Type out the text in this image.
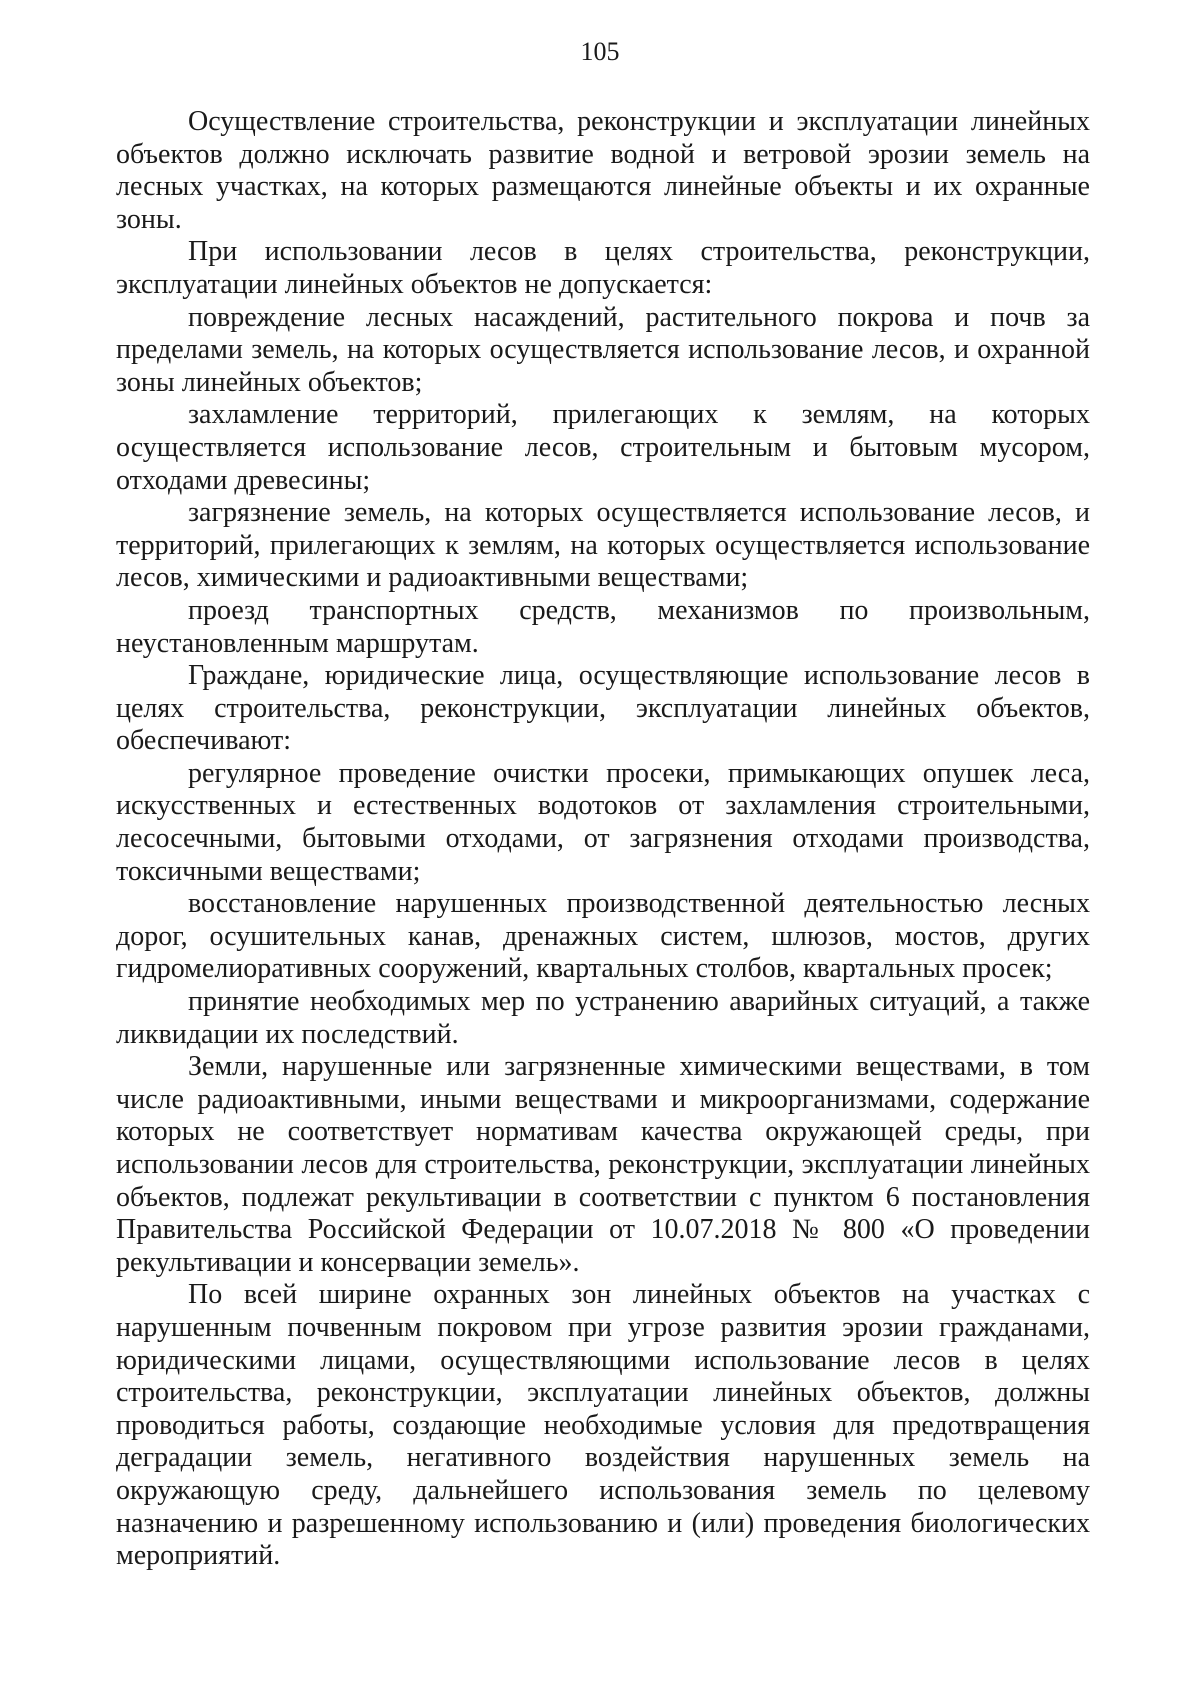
105

Осуществление строительства, реконструкции и эксплуатации линейных объектов должно исключать развитие водной и ветровой эрозии земель на лесных участках, на которых размещаются линейные объекты и их охранные зоны.

При использовании лесов в целях строительства, реконструкции, эксплуатации линейных объектов не допускается:

повреждение лесных насаждений, растительного покрова и почв за пределами земель, на которых осуществляется использование лесов, и охранной зоны линейных объектов;

захламление территорий, прилегающих к землям, на которых осуществляется использование лесов, строительным и бытовым мусором, отходами древесины;

загрязнение земель, на которых осуществляется использование лесов, и территорий, прилегающих к землям, на которых осуществляется использование лесов, химическими и радиоактивными веществами;

проезд транспортных средств, механизмов по произвольным, неустановленным маршрутам.

Граждане, юридические лица, осуществляющие использование лесов в целях строительства, реконструкции, эксплуатации линейных объектов, обеспечивают:

регулярное проведение очистки просеки, примыкающих опушек леса, искусственных и естественных водотоков от захламления строительными, лесосечными, бытовыми отходами, от загрязнения отходами производства, токсичными веществами;

восстановление нарушенных производственной деятельностью лесных дорог, осушительных канав, дренажных систем, шлюзов, мостов, других гидромелиоративных сооружений, квартальных столбов, квартальных просек;

принятие необходимых мер по устранению аварийных ситуаций, а также ликвидации их последствий.

Земли, нарушенные или загрязненные химическими веществами, в том числе радиоактивными, иными веществами и микроорганизмами, содержание которых не соответствует нормативам качества окружающей среды, при использовании лесов для строительства, реконструкции, эксплуатации линейных объектов, подлежат рекультивации в соответствии с пунктом 6 постановления Правительства Российской Федерации от 10.07.2018 № 800 «О проведении рекультивации и консервации земель».

По всей ширине охранных зон линейных объектов на участках с нарушенным почвенным покровом при угрозе развития эрозии гражданами, юридическими лицами, осуществляющими использование лесов в целях строительства, реконструкции, эксплуатации линейных объектов, должны проводиться работы, создающие необходимые условия для предотвращения деградации земель, негативного воздействия нарушенных земель на окружающую среду, дальнейшего использования земель по целевому назначению и разрешенному использованию и (или) проведения биологических мероприятий.
